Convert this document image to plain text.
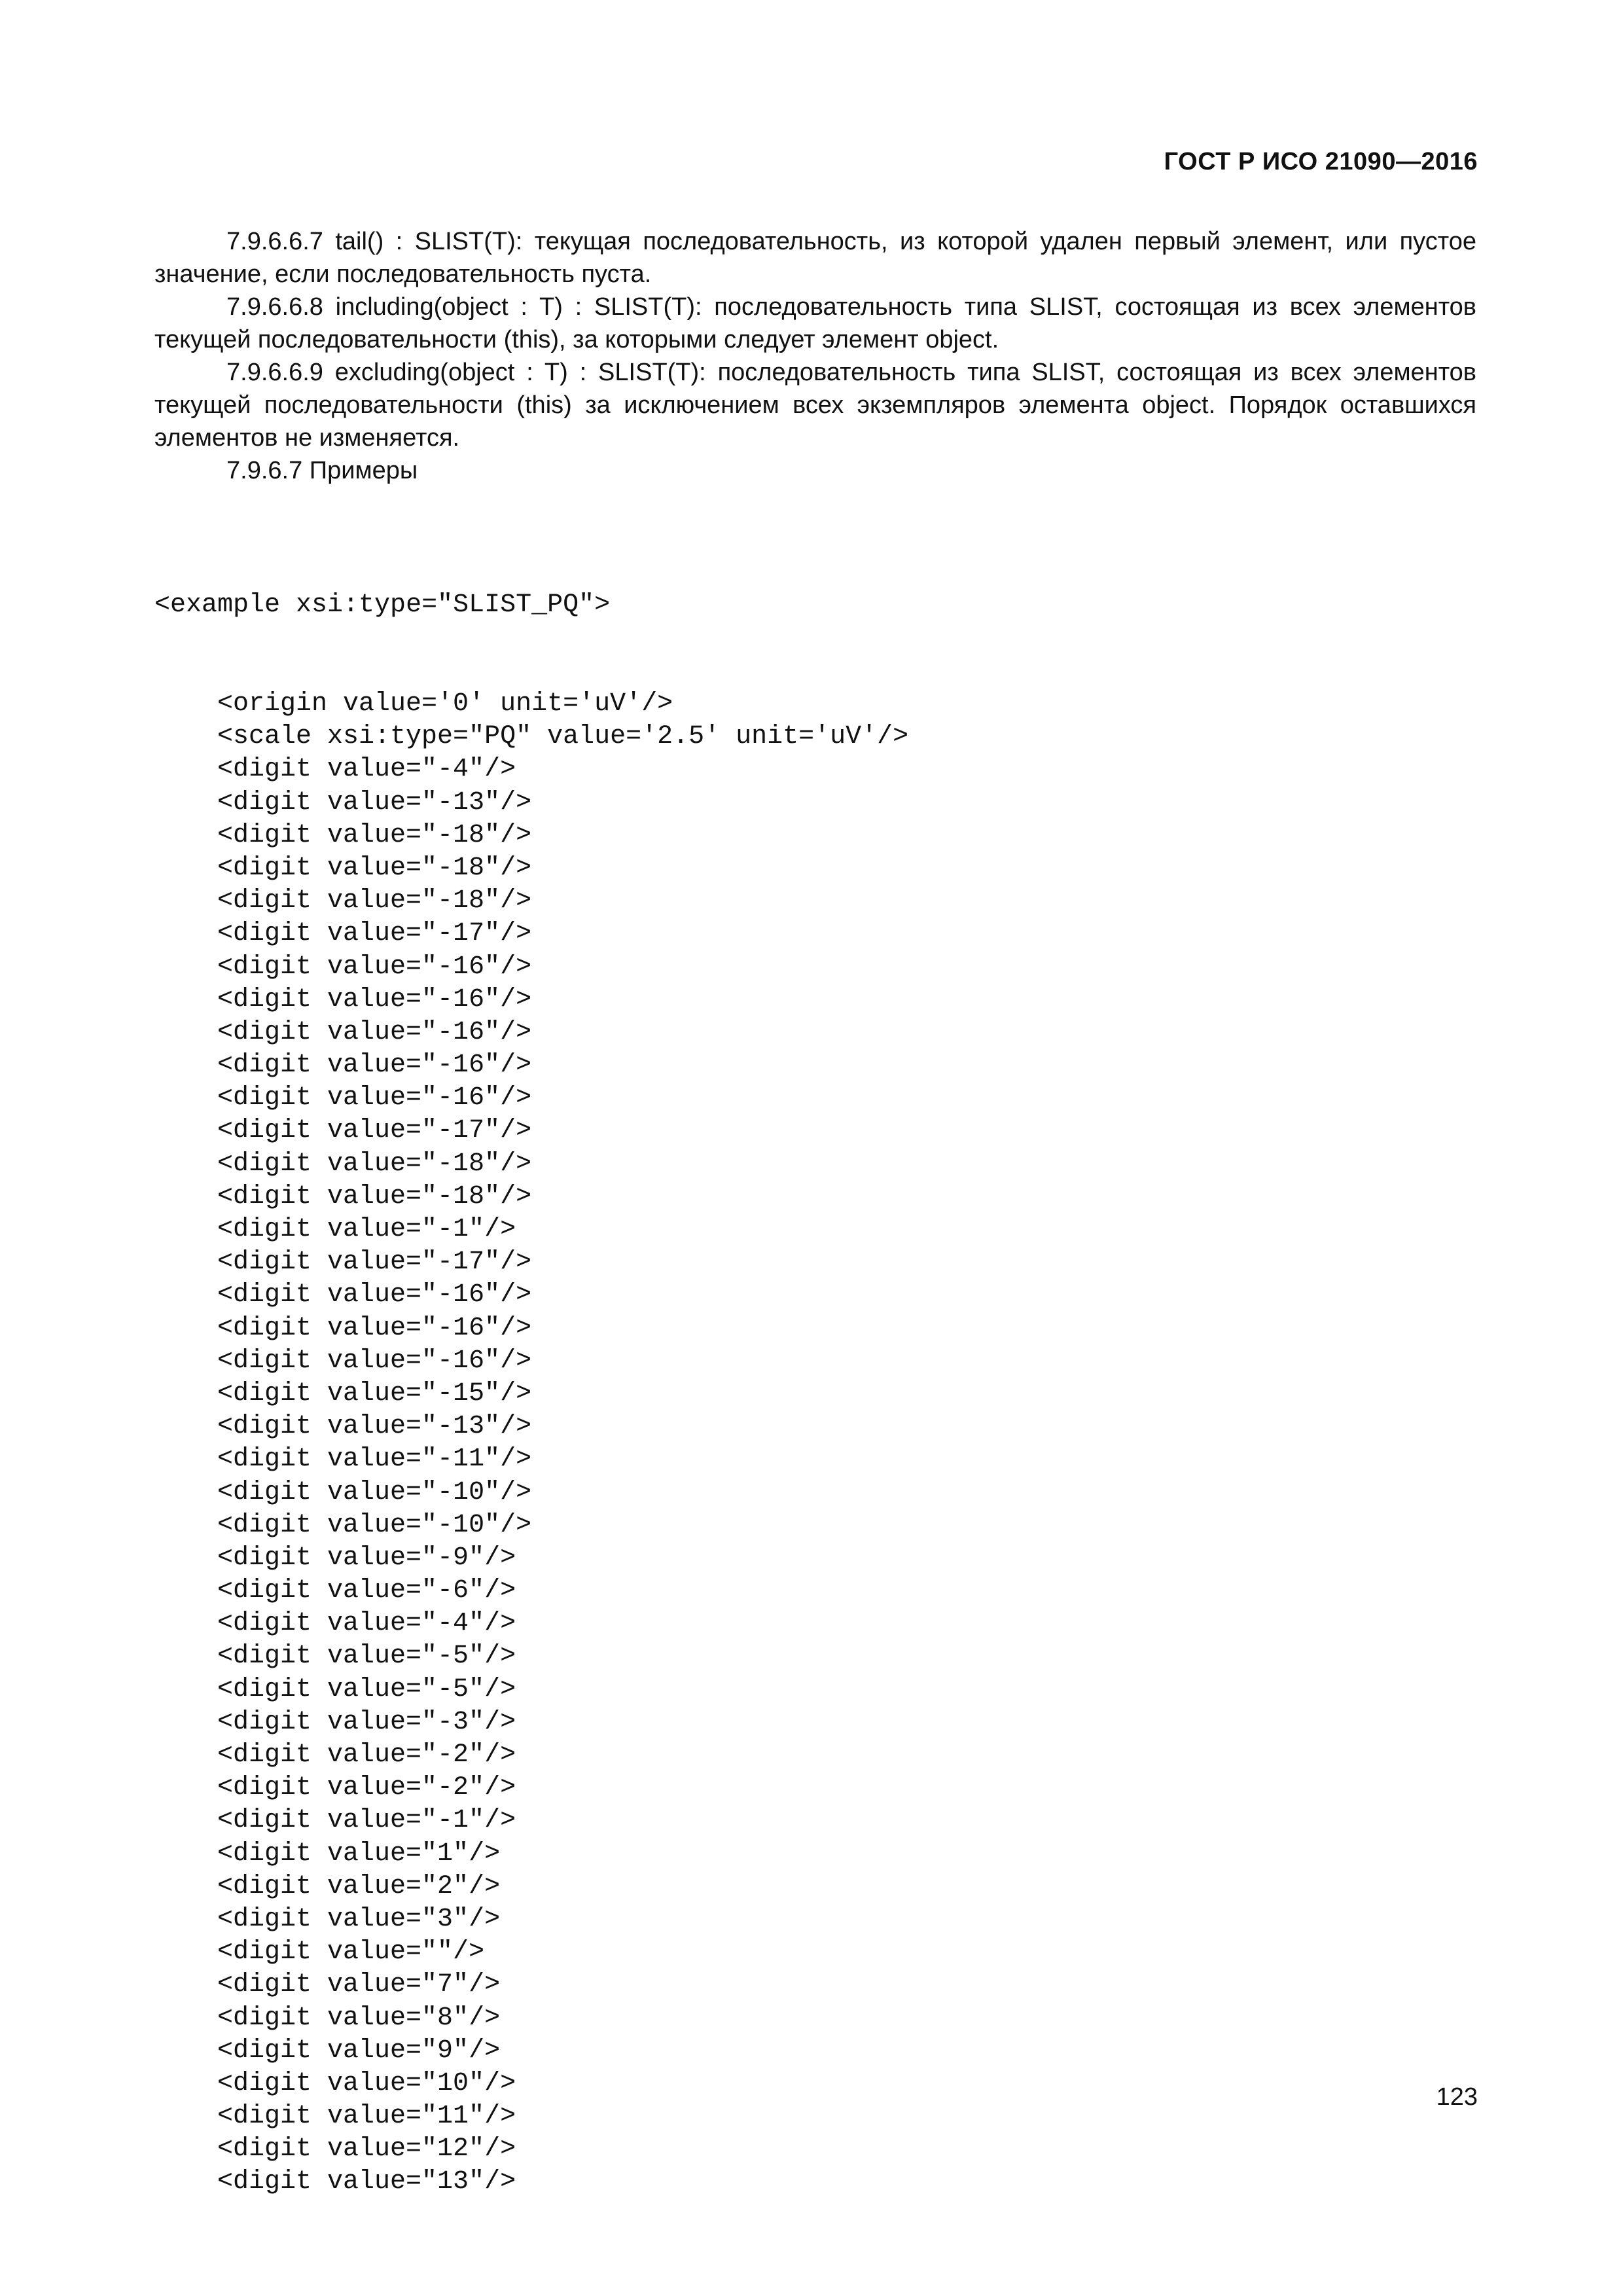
ГОСТ Р ИСО 21090—2016

7.9.6.6.7 tail() : SLIST(T): текущая последовательность, из которой удален первый элемент, или пустое значение, если последовательность пуста.

7.9.6.6.8 including(object : T) : SLIST(T): последовательность типа SLIST, состоящая из всех элементов текущей последовательности (this), за которыми следует элемент object.

7.9.6.6.9 excluding(object : T) : SLIST(T): последовательность типа SLIST, состоящая из всех элементов текущей последовательности (this) за исключением всех экземпляров элемента object. Порядок оставшихся элементов не изменяется.

7.9.6.7 Примеры

<example xsi:type="SLIST_PQ">

<origin value='0' unit='uV'/>
<scale xsi:type="PQ" value='2.5' unit='uV'/>
<digit value="-4"/>
<digit value="-13"/>
<digit value="-18"/>
<digit value="-18"/>
<digit value="-18"/>
<digit value="-17"/>
<digit value="-16"/>
<digit value="-16"/>
<digit value="-16"/>
<digit value="-16"/>
<digit value="-16"/>
<digit value="-17"/>
<digit value="-18"/>
<digit value="-18"/>
<digit value="-1"/>
<digit value="-17"/>
<digit value="-16"/>
<digit value="-16"/>
<digit value="-16"/>
<digit value="-15"/>
<digit value="-13"/>
<digit value="-11"/>
<digit value="-10"/>
<digit value="-10"/>
<digit value="-9"/>
<digit value="-6"/>
<digit value="-4"/>
<digit value="-5"/>
<digit value="-5"/>
<digit value="-3"/>
<digit value="-2"/>
<digit value="-2"/>
<digit value="-1"/>
<digit value="1"/>
<digit value="2"/>
<digit value="3"/>
<digit value=""/>
<digit value="7"/>
<digit value="8"/>
<digit value="9"/>
<digit value="10"/>
<digit value="11"/>
<digit value="12"/>
<digit value="13"/>

123
